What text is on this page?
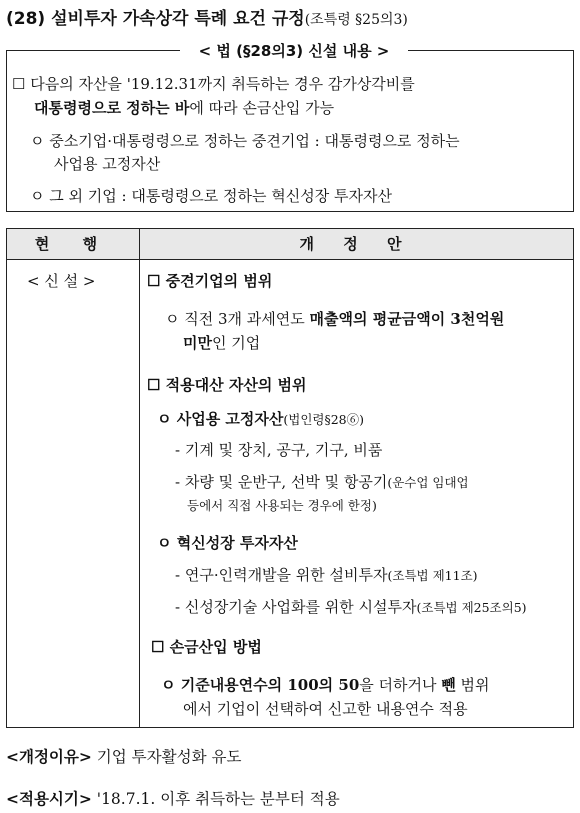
(28) 설비투자 가속상각 특례 요건 규정(조특령 §25의3)
< 법 (§28의3) 신설 내용 >
☐ 다음의 자산을 '19.12.31까지 취득하는 경우 감가상각비를
대통령령으로 정하는 바에 따라 손금산입 가능
ㅇ 중소기업·대통령령으로 정하는 중견기업 : 대통령령으로 정하는
사업용 고정자산
ㅇ 그 외 기업 : 대통령령으로 정하는 혁신성장 투자자산
현 행	개 정 안
< 신 설 >	☐ 중견기업의 범위
ㅇ 직전 3개 과세연도 매출액의 평균금액이 3천억원
미만인 기업
☐ 적용대산 자산의 범위
ㅇ 사업용 고정자산(법인령§28⑥)
- 기계 및 장치, 공구, 기구, 비품
- 차량 및 운반구, 선박 및 항공기(운수업 임대업
등에서 직접 사용되는 경우에 한정)
ㅇ 혁신성장 투자자산
- 연구·인력개발을 위한 설비투자(조특법 제11조)
- 신성장기술 사업화를 위한 시설투자(조특법 제25조의5)
☐ 손금산입 방법
ㅇ 기준내용연수의 100의 50을 더하거나 뺀 범위
에서 기업이 선택하여 신고한 내용연수 적용
<개정이유> 기업 투자활성화 유도
<적용시기> '18.7.1. 이후 취득하는 분부터 적용
